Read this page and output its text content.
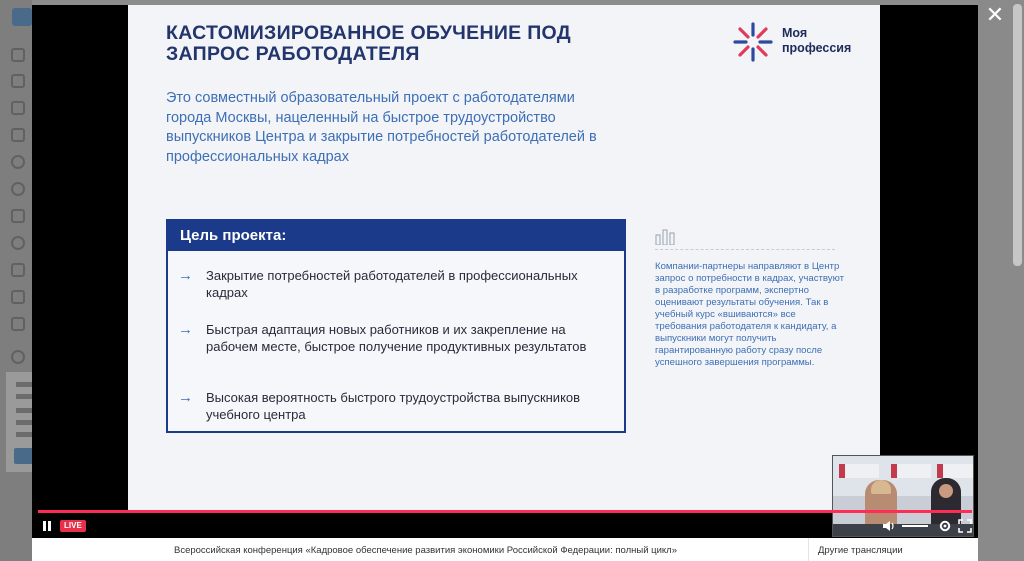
✕
КАСТОМИЗИРОВАННОЕ ОБУЧЕНИЕ ПОД ЗАПРОС РАБОТОДАТЕЛЯ
Моя профессия
Это совместный образовательный проект с работодателями города Москвы, нацеленный на быстрое трудоустройство выпускников Центра и закрытие потребностей работодателей в профессиональных кадрах
Цель проекта:
→ Закрытие потребностей работодателей в профессиональных кадрах
→ Быстрая адаптация новых работников и их закрепление на рабочем месте, быстрое получение продуктивных результатов
→ Высокая вероятность быстрого трудоустройства выпускников учебного центра
Компании-партнеры направляют в Центр запрос о потребности в кадрах, участвуют в разработке программ, экспертно оценивают результаты обучения. Так в учебный курс «вшиваются» все требования работодателя к кандидату, а выпускники могут получить гарантированную работу сразу после успешного завершения программы.
LIVE
Всероссийская конференция «Кадровое обеспечение развития экономики Российской Федерации: полный цикл»	Другие трансляции
